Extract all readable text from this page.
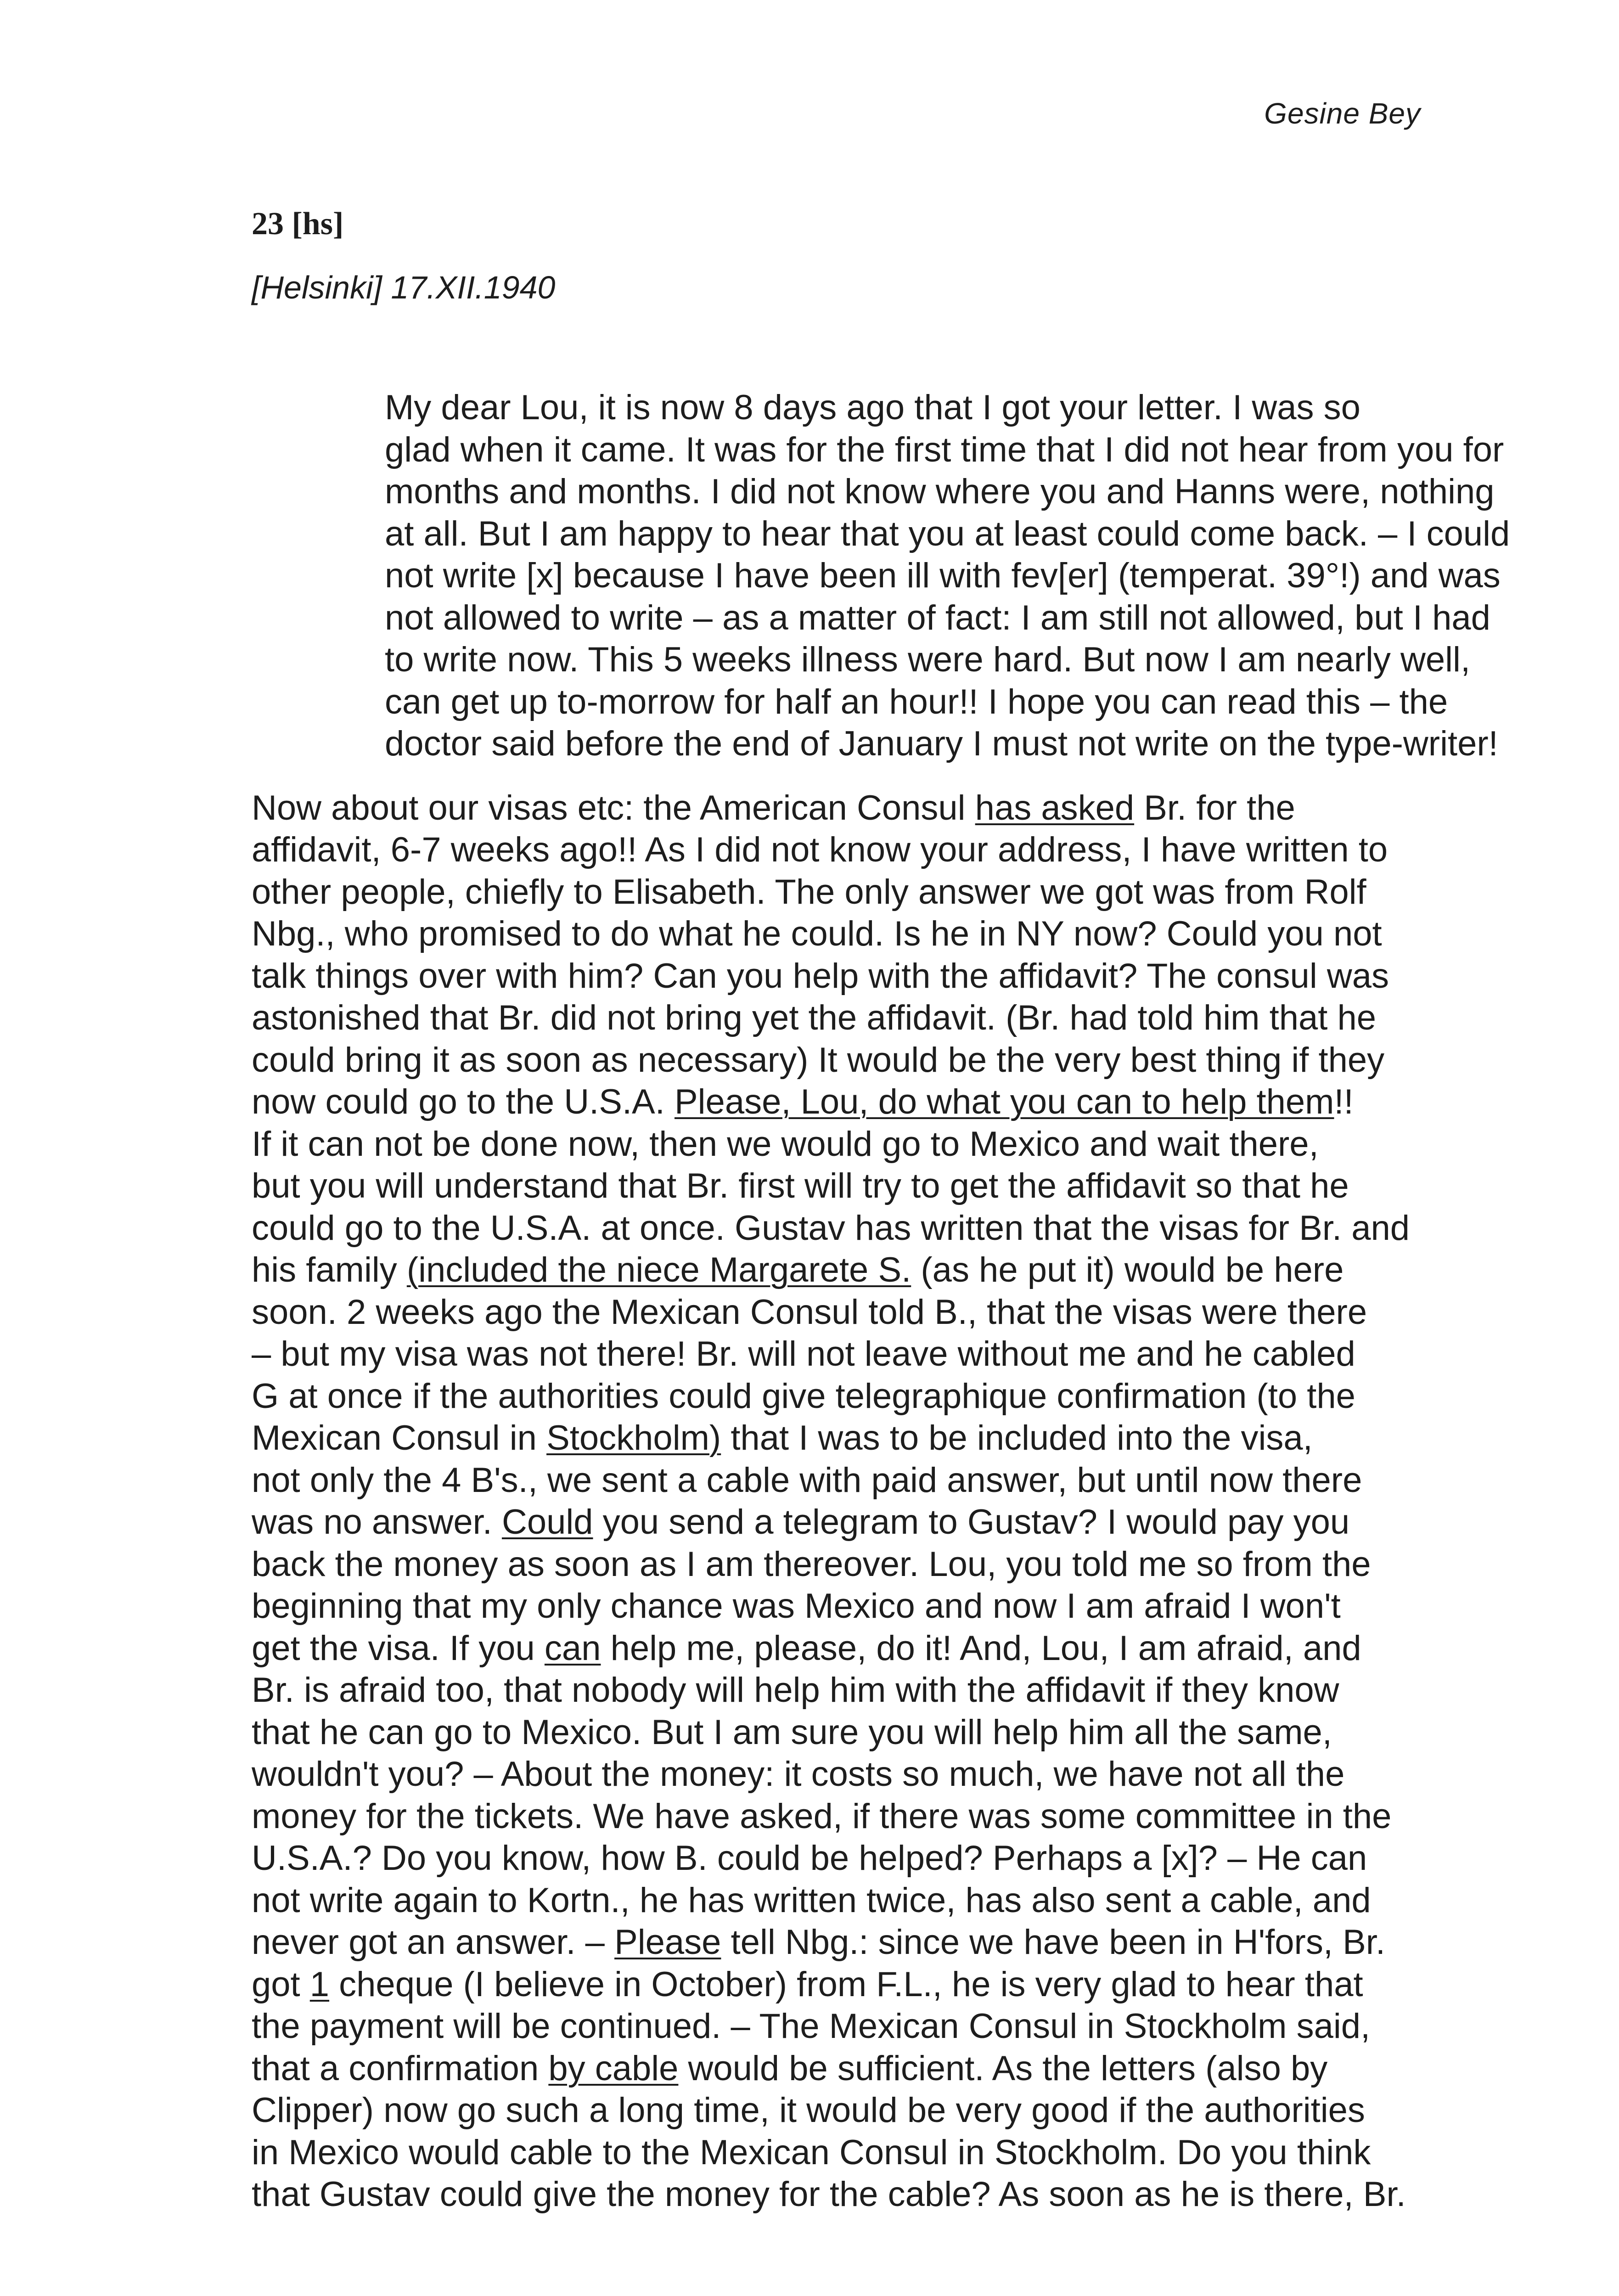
Gesine Bey
23 [hs]
[Helsinki] 17.XII.1940

My dear Lou, it is now 8 days ago that I got your letter. I was so
glad when it came. It was for the first time that I did not hear from you for
months and months. I did not know where you and Hanns were, nothing
at all. But I am happy to hear that you at least could come back. – I could
not write [x] because I have been ill with fev[er] (temperat. 39°!) and was
not allowed to write – as a matter of fact: I am still not allowed, but I had
to write now. This 5 weeks illness were hard. But now I am nearly well,
can get up to-morrow for half an hour!! I hope you can read this – the
doctor said before the end of January I must not write on the type-writer!

Now about our visas etc: the American Consul has asked Br. for the
affidavit, 6-7 weeks ago!! As I did not know your address, I have written to
other people, chiefly to Elisabeth. The only answer we got was from Rolf
Nbg., who promised to do what he could. Is he in NY now? Could you not
talk things over with him? Can you help with the affidavit? The consul was
astonished that Br. did not bring yet the affidavit. (Br. had told him that he
could bring it as soon as necessary) It would be the very best thing if they
now could go to the U.S.A. Please, Lou, do what you can to help them!!
If it can not be done now, then we would go to Mexico and wait there,
but you will understand that Br. first will try to get the affidavit so that he
could go to the U.S.A. at once. Gustav has written that the visas for Br. and
his family (included the niece Margarete S. (as he put it) would be here
soon. 2 weeks ago the Mexican Consul told B., that the visas were there
– but my visa was not there! Br. will not leave without me and he cabled
G at once if the authorities could give telegraphique confirmation (to the
Mexican Consul in Stockholm) that I was to be included into the visa,
not only the 4 B's., we sent a cable with paid answer, but until now there
was no answer. Could you send a telegram to Gustav? I would pay you
back the money as soon as I am thereover. Lou, you told me so from the
beginning that my only chance was Mexico and now I am afraid I won't
get the visa. If you can help me, please, do it! And, Lou, I am afraid, and
Br. is afraid too, that nobody will help him with the affidavit if they know
that he can go to Mexico. But I am sure you will help him all the same,
wouldn't you? – About the money: it costs so much, we have not all the
money for the tickets. We have asked, if there was some committee in the
U.S.A.? Do you know, how B. could be helped? Perhaps a [x]? – He can
not write again to Kortn., he has written twice, has also sent a cable, and
never got an answer. – Please tell Nbg.: since we have been in H'fors, Br.
got 1 cheque (I believe in October) from F.L., he is very glad to hear that
the payment will be continued. – The Mexican Consul in Stockholm said,
that a confirmation by cable would be sufficient. As the letters (also by
Clipper) now go such a long time, it would be very good if the authorities
in Mexico would cable to the Mexican Consul in Stockholm. Do you think
that Gustav could give the money for the cable? As soon as he is there, Br.
